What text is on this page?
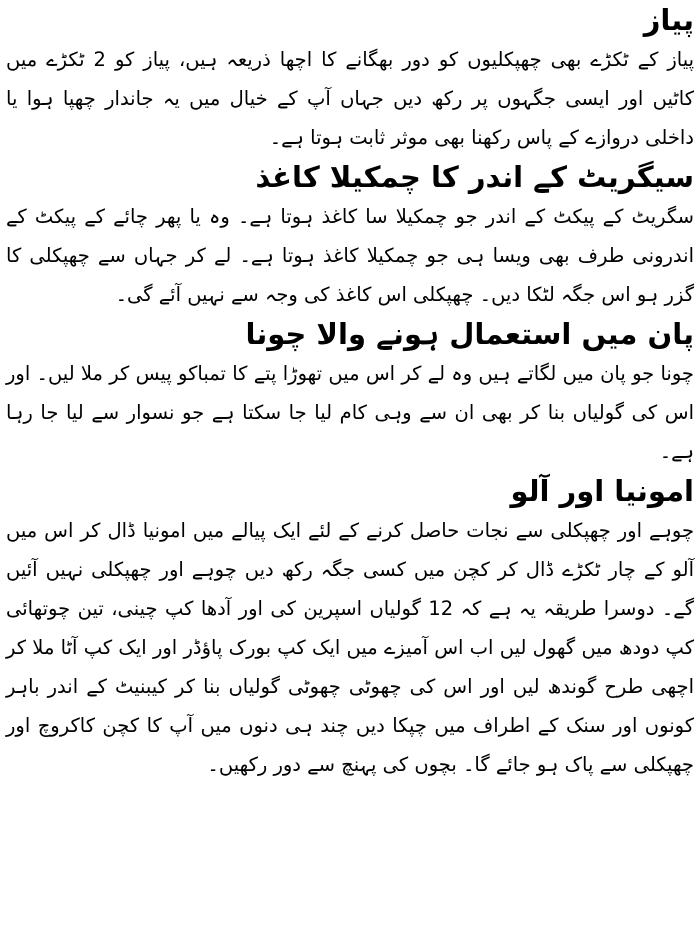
پیاز

پیاز کے ٹکڑے بھی چھپکلیوں کو دور بھگانے کا اچھا ذریعہ ہیں، پیاز کو 2 ٹکڑے میں کاٹیں اور ایسی جگہوں پر رکھ دیں جہاں آپ کے خیال میں یہ جاندار چھپا ہوا یا داخلی دروازے کے پاس رکھنا بھی موثر ثابت ہوتا ہے۔

سیگریٹ کے اندر کا چمکیلا کاغذ

سگریٹ کے پیکٹ کے اندر جو چمکیلا سا کاغذ ہوتا ہے۔ وہ یا پھر چائے کے پیکٹ کے اندرونی طرف بھی ویسا ہی جو چمکیلا کاغذ ہوتا ہے۔ لے کر جہاں سے چھپکلی کا گزر ہو اس جگہ لٹکا دیں۔ چھپکلی اس کاغذ کی وجہ سے نہیں آئے گی۔

پان میں استعمال ہونے والا چونا

چونا جو پان میں لگاتے ہیں وہ لے کر اس میں تھوڑا پتے کا تمباکو پیس کر ملا لیں۔ اور اس کی گولیاں بنا کر بھی ان سے وہی کام لیا جا سکتا ہے جو نسوار سے لیا جا رہا ہے۔

امونیا اور آلو

چوہے اور چھپکلی سے نجات حاصل کرنے کے لئے ایک پیالے میں امونیا ڈال کر اس میں آلو کے چار ٹکڑے ڈال کر کچن میں کسی جگہ رکھ دیں چوہے اور چھپکلی نہیں آئیں گے۔ دوسرا طریقہ یہ ہے کہ 12 گولیاں اسپرین کی اور آدھا کپ چینی، تین چوتھائی کپ دودھ میں گھول لیں اب اس آمیزے میں ایک کپ بورک پاؤڈر اور ایک کپ آٹا ملا کر اچھی طرح گوندھ لیں اور اس کی چھوٹی چھوٹی گولیاں بنا کر کیبنیٹ کے اندر باہر کونوں اور سنک کے اطراف میں چپکا دیں چند ہی دنوں میں آپ کا کچن کاکروچ اور چھپکلی سے پاک ہو جائے گا۔ بچوں کی پہنچ سے دور رکھیں۔
